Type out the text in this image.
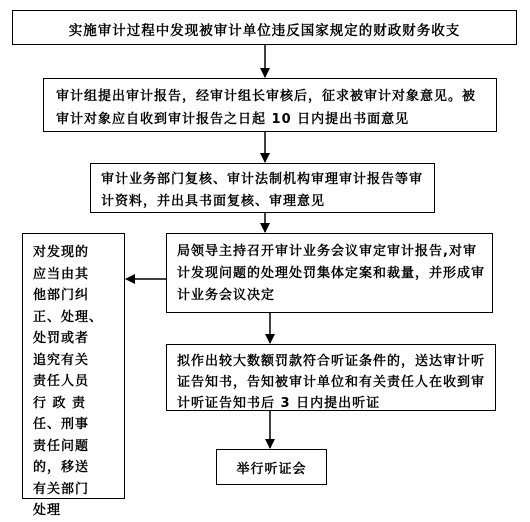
实施审计过程中发现被审计单位违反国家规定的财政财务收支
审计组提出审计报告，经审计组长审核后，征求被审计对象意见。被审计对象应自收到审计报告之日起 10 日内提出书面意见
审计业务部门复核、审计法制机构审理审计报告等审计资料，并出具书面复核、审理意见
局领导主持召开审计业务会议审定审计报告,对审计发现问题的处理处罚集体定案和裁量，并形成审计业务会议决定
拟作出较大数额罚款符合听证条件的，送达审计听证告知书，告知被审计单位和有关责任人在收到审计听证告知书后 3 日内提出听证
举行听证会
对发现的
应当由其
他部门纠
正、处理、
处罚或者
追究有关
责任人员
行 政 责
任、刑事
责任问题
的，移送
有关部门
处理
